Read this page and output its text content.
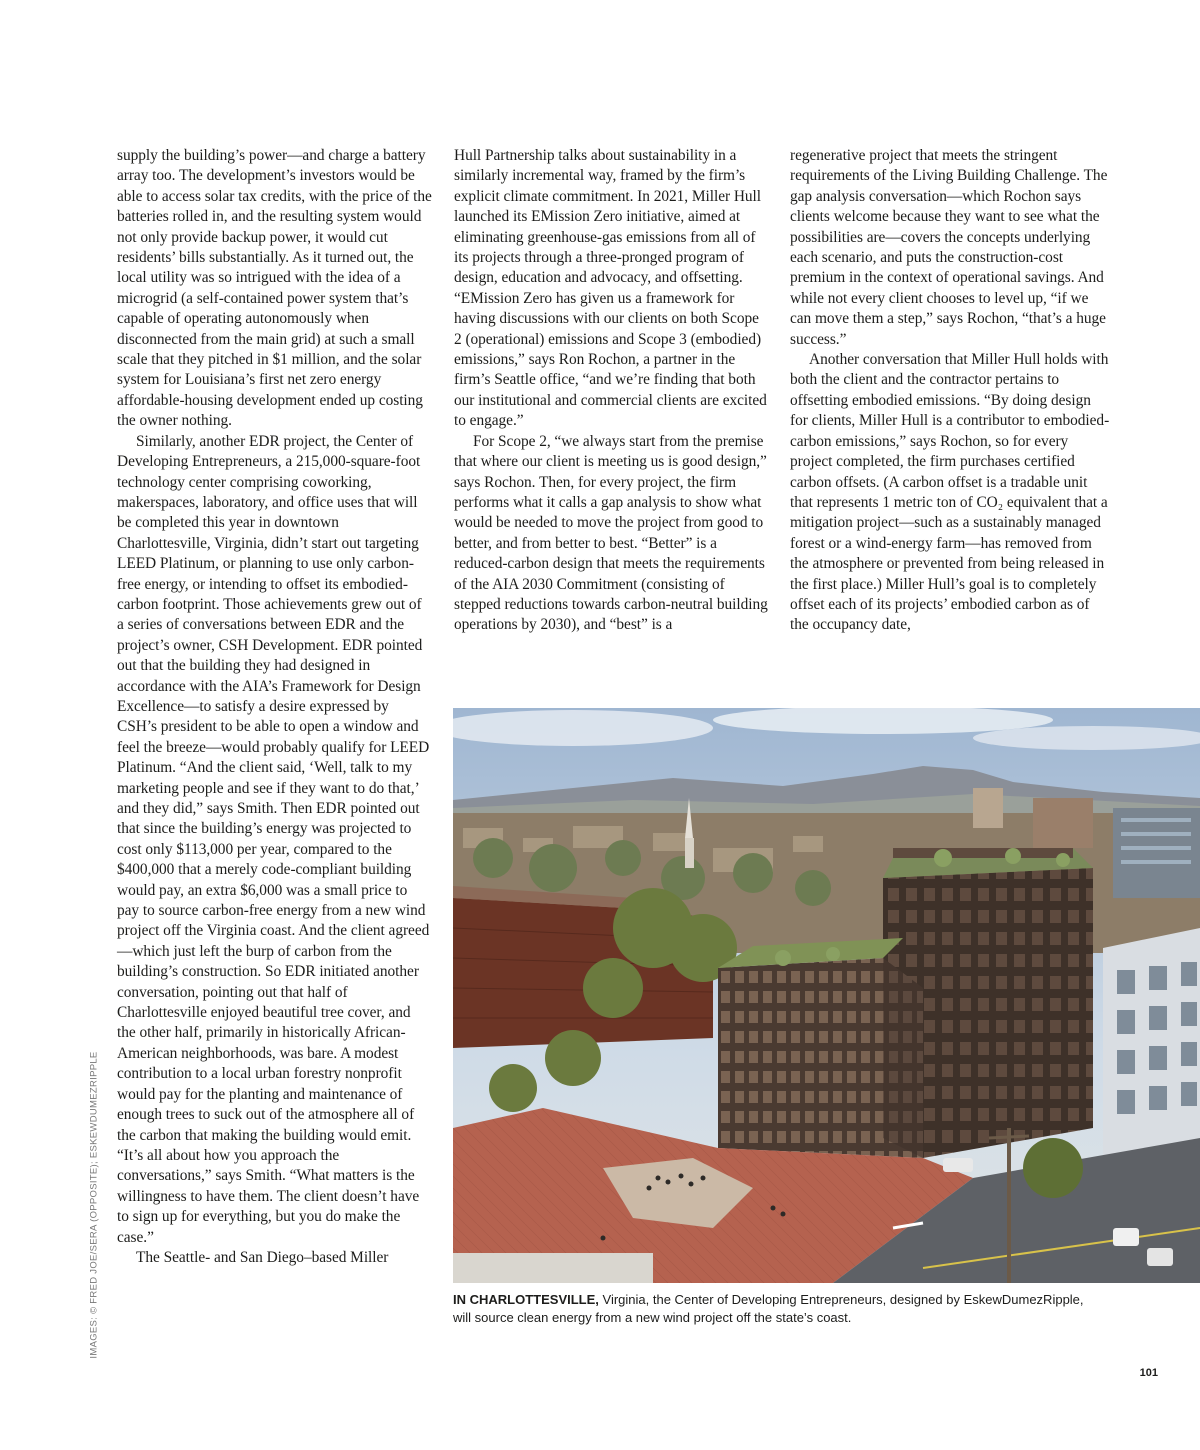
IMAGES: © FRED JOE/SERA (OPPOSITE); ESKEWDUMEZRIPPLE

supply the building’s power—and charge a battery array too. The development’s investors would be able to access solar tax credits, with the price of the batteries rolled in, and the resulting system would not only provide backup power, it would cut residents’ bills substantially. As it turned out, the local utility was so intrigued with the idea of a microgrid (a self-contained power system that’s capable of operating autonomously when disconnected from the main grid) at such a small scale that they pitched in $1 million, and the solar system for Louisiana’s first net zero energy affordable-housing development ended up costing the owner nothing.

Similarly, another EDR project, the Center of Developing Entrepreneurs, a 215,000-square-foot technology center comprising coworking, makerspaces, laboratory, and office uses that will be completed this year in downtown Charlottesville, Virginia, didn’t start out targeting LEED Platinum, or planning to use only carbon-free energy, or intending to offset its embodied-carbon footprint. Those achievements grew out of a series of conversations between EDR and the project’s owner, CSH Development. EDR pointed out that the building they had designed in accordance with the AIA’s Framework for Design Excellence—to satisfy a desire expressed by CSH’s president to be able to open a window and feel the breeze—would probably qualify for LEED Platinum. “And the client said, ‘Well, talk to my marketing people and see if they want to do that,’ and they did,” says Smith. Then EDR pointed out that since the building’s energy was projected to cost only $113,000 per year, compared to the $400,000 that a merely code-compliant building would pay, an extra $6,000 was a small price to pay to source carbon-free energy from a new wind project off the Virginia coast. And the client agreed—which just left the burp of carbon from the building’s construction. So EDR initiated another conversation, pointing out that half of Charlottesville enjoyed beautiful tree cover, and the other half, primarily in historically African-American neighborhoods, was bare. A modest contribution to a local urban forestry nonprofit would pay for the planting and maintenance of enough trees to suck out of the atmosphere all of the carbon that making the building would emit. “It’s all about how you approach the conversations,” says Smith. “What matters is the willingness to have them. The client doesn’t have to sign up for everything, but you do make the case.”

The Seattle- and San Diego–based Miller

Hull Partnership talks about sustainability in a similarly incremental way, framed by the firm’s explicit climate commitment. In 2021, Miller Hull launched its EMission Zero initiative, aimed at eliminating greenhouse-gas emissions from all of its projects through a three-pronged program of design, education and advocacy, and offsetting. “EMission Zero has given us a framework for having discussions with our clients on both Scope 2 (operational) emissions and Scope 3 (embodied) emissions,” says Ron Rochon, a partner in the firm’s Seattle office, “and we’re finding that both our institutional and commercial clients are excited to engage.”

For Scope 2, “we always start from the premise that where our client is meeting us is good design,” says Rochon. Then, for every project, the firm performs what it calls a gap analysis to show what would be needed to move the project from good to better, and from better to best. “Better” is a reduced-carbon design that meets the requirements of the AIA 2030 Commitment (consisting of stepped reductions towards carbon-neutral building operations by 2030), and “best” is a

regenerative project that meets the stringent requirements of the Living Building Challenge. The gap analysis conversation—which Rochon says clients welcome because they want to see what the possibilities are—covers the concepts underlying each scenario, and puts the construction-cost premium in the context of operational savings. And while not every client chooses to level up, “if we can move them a step,” says Rochon, “that’s a huge success.”

Another conversation that Miller Hull holds with both the client and the contractor pertains to offsetting embodied emissions. “By doing design for clients, Miller Hull is a contributor to embodied-carbon emissions,” says Rochon, so for every project completed, the firm purchases certified carbon offsets. (A carbon offset is a tradable unit that represents 1 metric ton of CO₂ equivalent that a mitigation project—such as a sustainably managed forest or a wind-energy farm—has removed from the atmosphere or prevented from being released in the first place.) Miller Hull’s goal is to completely offset each of its projects’ embodied carbon as of the occupancy date,

IN CHARLOTTESVILLE, Virginia, the Center of Developing Entrepreneurs, designed by EskewDumezRipple, will source clean energy from a new wind project off the state’s coast.
101
